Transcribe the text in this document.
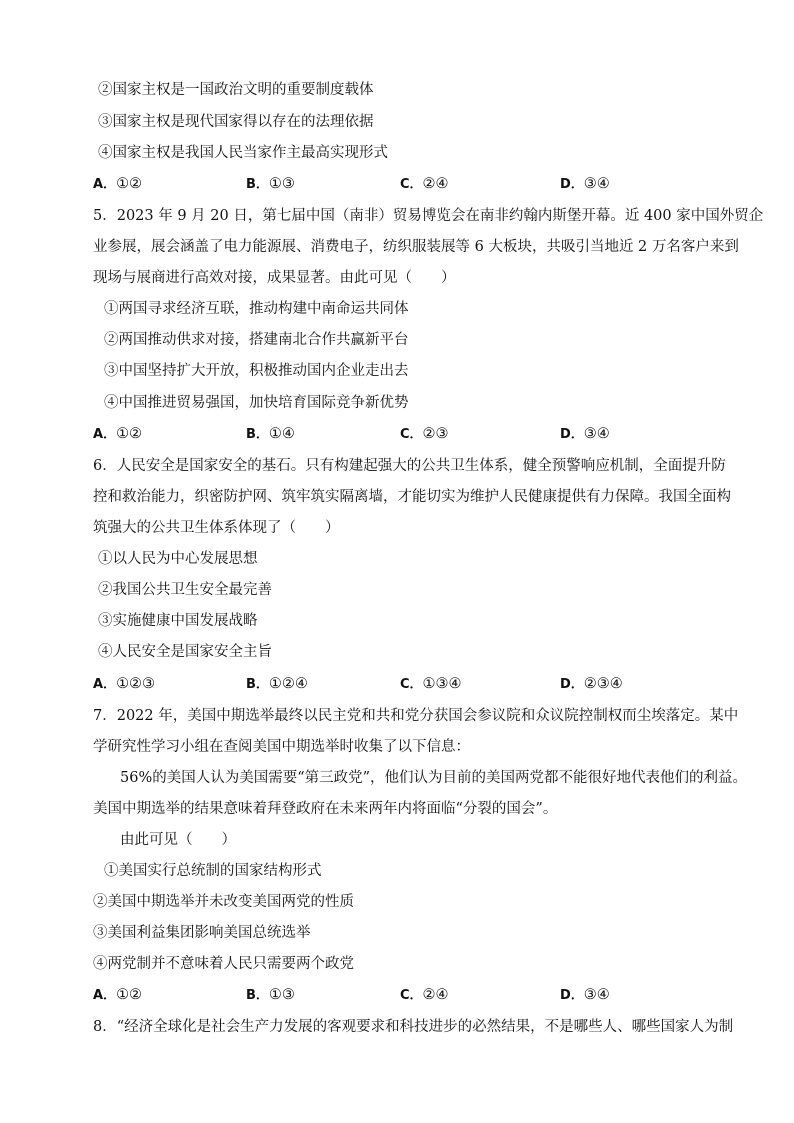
②国家主权是一国政治文明的重要制度载体
③国家主权是现代国家得以存在的法理依据
④国家主权是我国人民当家作主最高实现形式
A．①②	B．①③	C．②④	D．③④
5．2023 年 9 月 20 日，第七届中国（南非）贸易博览会在南非约翰内斯堡开幕。近 400 家中国外贸企
业参展，展会涵盖了电力能源展、消费电子，纺织服装展等 6 大板块，共吸引当地近 2 万名客户来到
现场与展商进行高效对接，成果显著。由此可见（　　）
①两国寻求经济互联，推动构建中南命运共同体
②两国推动供求对接，搭建南北合作共赢新平台
③中国坚持扩大开放，积极推动国内企业走出去
④中国推进贸易强国，加快培育国际竞争新优势
A．①②	B．①④	C．②③	D．③④
6．人民安全是国家安全的基石。只有构建起强大的公共卫生体系，健全预警响应机制，全面提升防
控和救治能力，织密防护网、筑牢筑实隔离墙，才能切实为维护人民健康提供有力保障。我国全面构
筑强大的公共卫生体系体现了（　　）
①以人民为中心发展思想
②我国公共卫生安全最完善
③实施健康中国发展战略
④人民安全是国家安全主旨
A．①②③	B．①②④	C．①③④	D．②③④
7．2022 年，美国中期选举最终以民主党和共和党分获国会参议院和众议院控制权而尘埃落定。某中
学研究性学习小组在查阅美国中期选举时收集了以下信息：
56%的美国人认为美国需要“第三政党”，他们认为目前的美国两党都不能很好地代表他们的利益。
美国中期选举的结果意味着拜登政府在未来两年内将面临“分裂的国会”。
由此可见（　　）
①美国实行总统制的国家结构形式
②美国中期选举并未改变美国两党的性质
③美国利益集团影响美国总统选举
④两党制并不意味着人民只需要两个政党
A．①②	B．①③	C．②④	D．③④
8．“经济全球化是社会生产力发展的客观要求和科技进步的必然结果，不是哪些人、哪些国家人为制
